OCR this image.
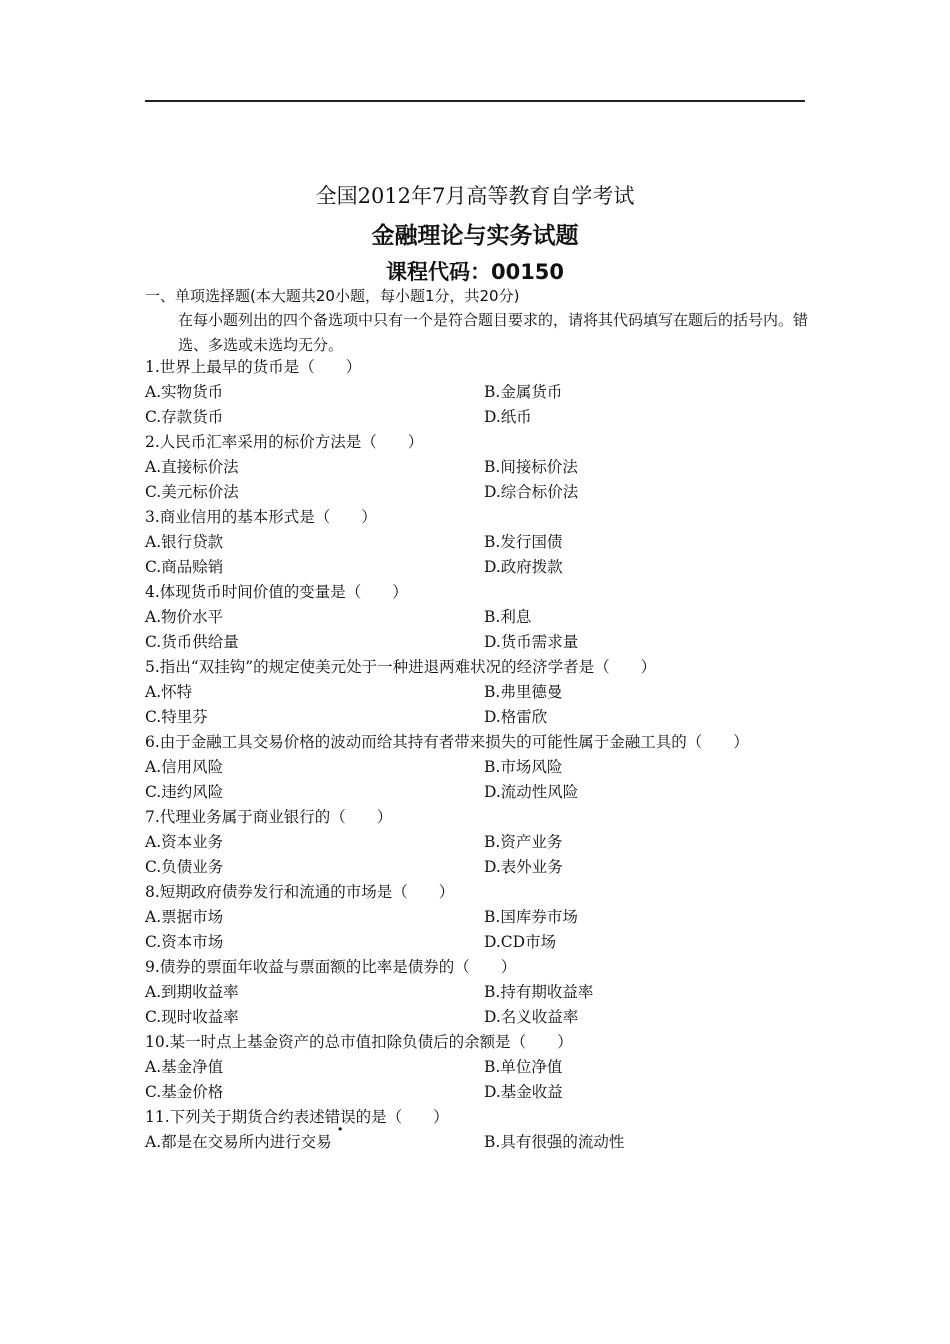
全国2012年7月高等教育自学考试
金融理论与实务试题
课程代码：00150
一、单项选择题(本大题共20小题，每小题1分，共20分)
在每小题列出的四个备选项中只有一个是符合题目要求的，请将其代码填写在题后的括号内。错选、多选或未选均无分。
1.世界上最早的货币是（　　）
A.实物货币	B.金属货币
C.存款货币	D.纸币
2.人民币汇率采用的标价方法是（　　）
A.直接标价法	B.间接标价法
C.美元标价法	D.综合标价法
3.商业信用的基本形式是（　　）
A.银行贷款	B.发行国债
C.商品赊销	D.政府拨款
4.体现货币时间价值的变量是（　　）
A.物价水平	B.利息
C.货币供给量	D.货币需求量
5.指出“双挂钩”的规定使美元处于一种进退两难状况的经济学者是（　　）
A.怀特	B.弗里德曼
C.特里芬	D.格雷欣
6.由于金融工具交易价格的波动而给其持有者带来损失的可能性属于金融工具的（　　）
A.信用风险	B.市场风险
C.违约风险	D.流动性风险
7.代理业务属于商业银行的（　　）
A.资本业务	B.资产业务
C.负债业务	D.表外业务
8.短期政府债券发行和流通的市场是（　　）
A.票据市场	B.国库券市场
C.资本市场	D.CD市场
9.债券的票面年收益与票面额的比率是债券的（　　）
A.到期收益率	B.持有期收益率
C.现时收益率	D.名义收益率
10.某一时点上基金资产的总市值扣除负债后的余额是（　　）
A.基金净值	B.单位净值
C.基金价格	D.基金收益
11.下列关于期货合约表述错误的是（　　）
A.都是在交易所内进行交易	B.具有很强的流动性
